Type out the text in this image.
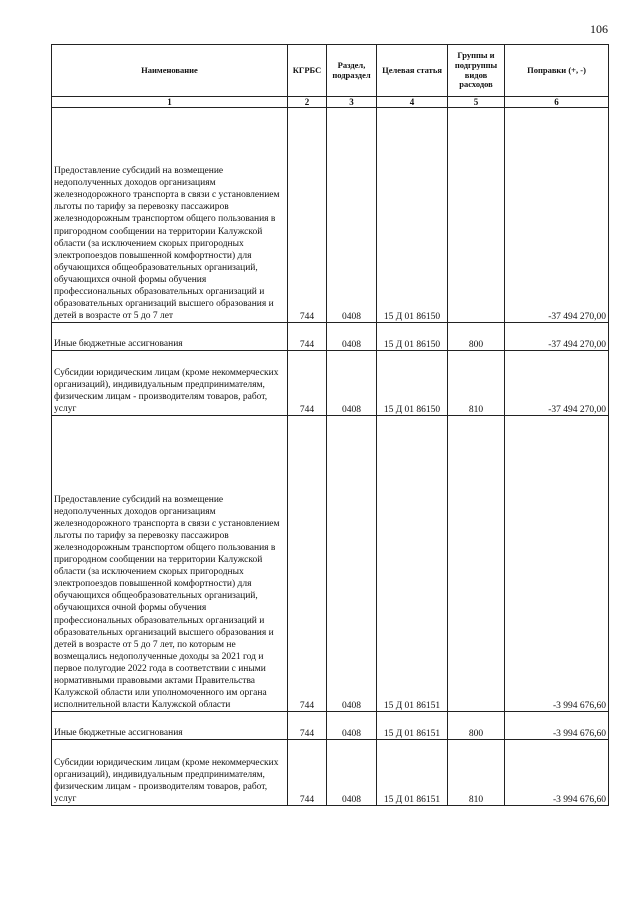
106
Наименование	КГРБС	Раздел, подраздел	Целевая статья	Группы и подгруппы видов расходов	Поправки (+, -)
1	2	3	4	5	6
Предоставление субсидий на возмещение недополученных доходов организациям железнодорожного транспорта в связи с установлением льготы по тарифу за перевозку пассажиров железнодорожным транспортом общего пользования в пригородном сообщении на территории Калужской области (за исключением скорых пригородных электропоездов повышенной комфортности) для обучающихся общеобразовательных организаций, обучающихся очной формы обучения профессиональных образовательных организаций и образовательных организаций высшего образования и детей в возрасте от 5 до 7 лет	744	0408	15 Д 01 86150		-37 494 270,00
Иные бюджетные ассигнования	744	0408	15 Д 01 86150	800	-37 494 270,00
Субсидии юридическим лицам (кроме некоммерческих организаций), индивидуальным предпринимателям, физическим лицам - производителям товаров, работ, услуг	744	0408	15 Д 01 86150	810	-37 494 270,00
Предоставление субсидий на возмещение недополученных доходов организациям железнодорожного транспорта в связи с установлением льготы по тарифу за перевозку пассажиров железнодорожным транспортом общего пользования в пригородном сообщении на территории Калужской области (за исключением скорых пригородных электропоездов повышенной комфортности) для обучающихся общеобразовательных организаций, обучающихся очной формы обучения профессиональных образовательных организаций и образовательных организаций высшего образования и детей в возрасте от 5 до 7 лет, по которым не возмещались недополученные доходы за 2021 год и первое полугодие 2022 года в соответствии с иными нормативными правовыми актами Правительства Калужской области или уполномоченного им органа исполнительной власти Калужской области	744	0408	15 Д 01 86151		-3 994 676,60
Иные бюджетные ассигнования	744	0408	15 Д 01 86151	800	-3 994 676,60
Субсидии юридическим лицам (кроме некоммерческих организаций), индивидуальным предпринимателям, физическим лицам - производителям товаров, работ, услуг	744	0408	15 Д 01 86151	810	-3 994 676,60
